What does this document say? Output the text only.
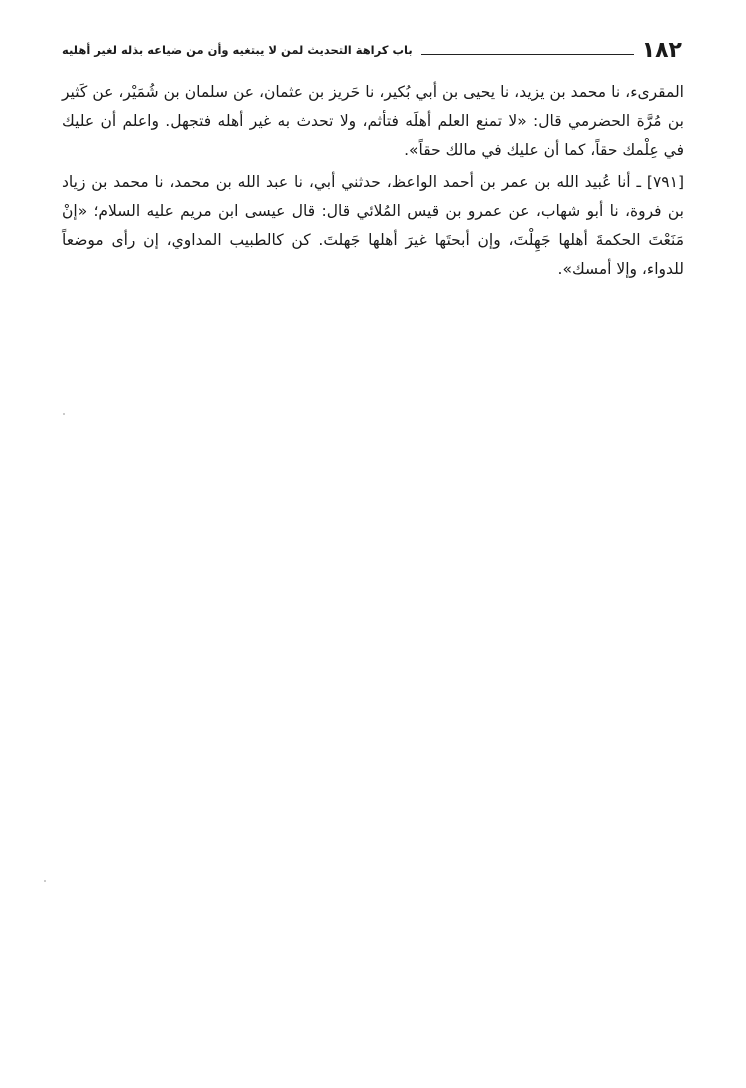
١٨٢
باب كراهة التحديث لمن لا يبتغيه وأن من ضياعه بذله لغير أهليه

المقرىء، نا محمد بن يزيد، نا يحيى بن أبي بُكير، نا حَريز بن عثمان، عن سلمان بن شُمَيْر، عن كَثير بن مُرَّة الحضرمي قال: «لا تمنع العلم أهلَه فتأثم، ولا تحدث به غير أهله فتجهل. واعلم أن عليك في عِلْمك حقاً، كما أن عليك في مالك حقاً».

[٧٩١] ـ أنا عُبيد الله بن عمر بن أحمد الواعظ، حدثني أبي، نا عبد الله بن محمد، نا محمد بن زياد بن فروة، نا أبو شهاب، عن عمرو بن قيس المُلائي قال: قال عيسى ابن مريم عليه السلام؛ «إنْ مَنَعْتَ الحكمةَ أهلها جَهِلْتَ، وإن أبحتَها غيرَ أهلها جَهلتَ. كن كالطبيب المداوي، إن رأى موضعاً للدواء، وإلا أمسك».
